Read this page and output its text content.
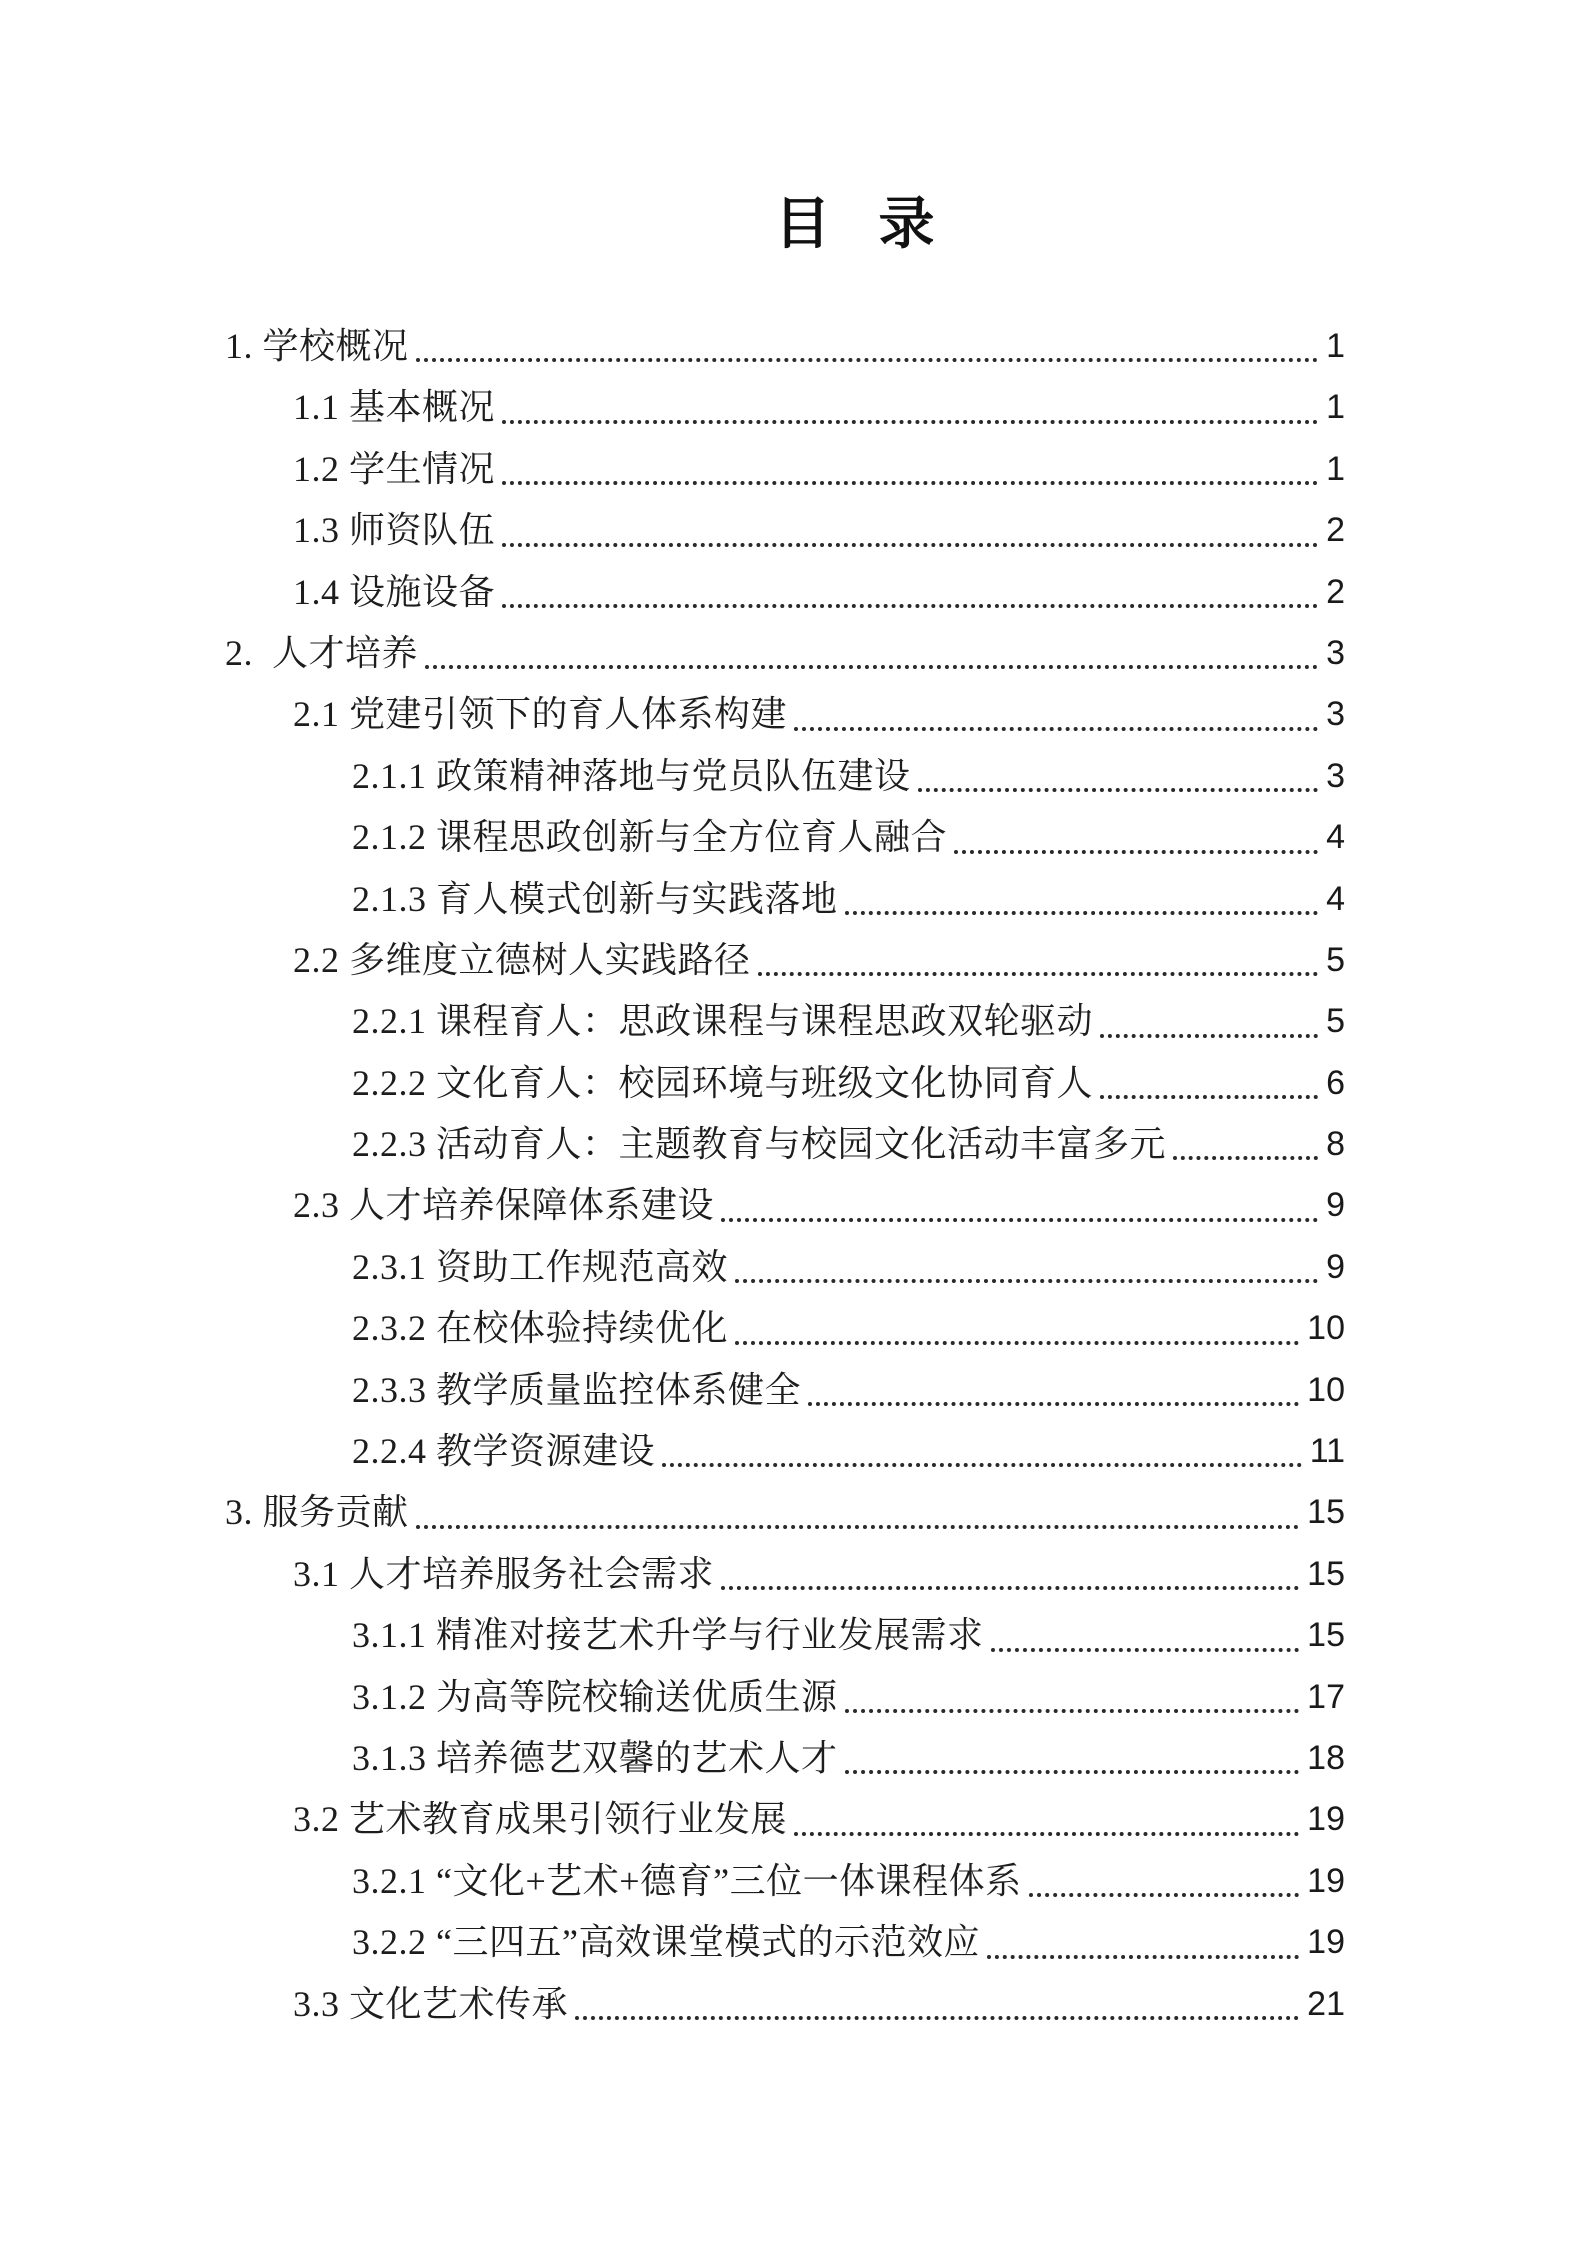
目 录
1. 学校概况	1
1.1 基本概况	1
1.2 学生情况	1
1.3 师资队伍	2
1.4 设施设备	2
2.  人才培养	3
2.1 党建引领下的育人体系构建	3
2.1.1 政策精神落地与党员队伍建设	3
2.1.2 课程思政创新与全方位育人融合	4
2.1.3 育人模式创新与实践落地	4
2.2 多维度立德树人实践路径	5
2.2.1 课程育人：思政课程与课程思政双轮驱动	5
2.2.2 文化育人：校园环境与班级文化协同育人	6
2.2.3 活动育人：主题教育与校园文化活动丰富多元	8
2.3 人才培养保障体系建设	9
2.3.1 资助工作规范高效	9
2.3.2 在校体验持续优化	10
2.3.3 教学质量监控体系健全	10
2.2.4 教学资源建设	11
3. 服务贡献	15
3.1 人才培养服务社会需求	15
3.1.1 精准对接艺术升学与行业发展需求	15
3.1.2 为高等院校输送优质生源	17
3.1.3 培养德艺双馨的艺术人才	18
3.2 艺术教育成果引领行业发展	19
3.2.1 “文化+艺术+德育”三位一体课程体系	19
3.2.2 “三四五”高效课堂模式的示范效应	19
3.3 文化艺术传承	21
